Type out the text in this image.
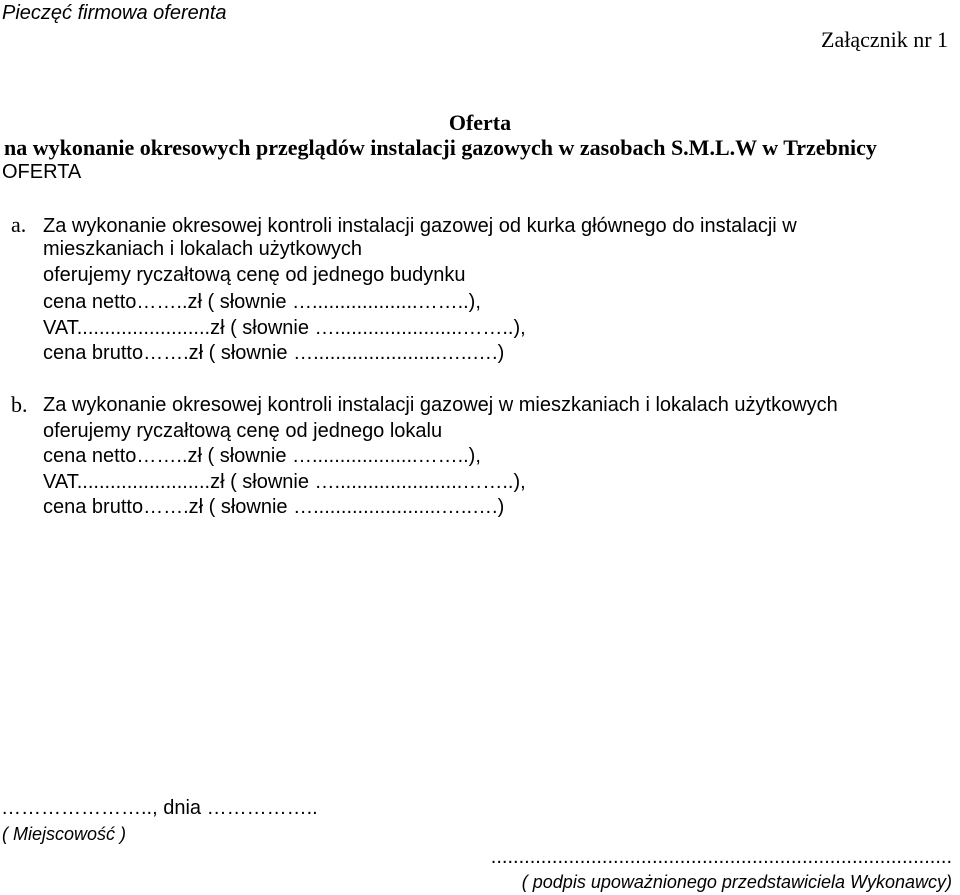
Pieczęć firmowa oferenta
Załącznik nr 1
Oferta
na wykonanie okresowych przeglądów instalacji gazowych w zasobach S.M.L.W w Trzebnicy
OFERTA
a. Za wykonanie okresowej kontroli instalacji gazowej od kurka głównego do instalacji w
mieszkaniach i lokalach użytkowych
oferujemy ryczałtową cenę od jednego budynku
cena netto……..zł ( słownie …...................……..),
VAT........................zł ( słownie ….......................……..),
cena brutto…….zł ( słownie ….......................…..….)
b. Za wykonanie okresowej kontroli instalacji gazowej w mieszkaniach i lokalach użytkowych
oferujemy ryczałtową cenę od jednego lokalu
cena netto……..zł ( słownie …...................……..),
VAT........................zł ( słownie ….......................……..),
cena brutto…….zł ( słownie ….......................…..….)
………………….., dnia ……………..
( Miejscowość )
...................................................................................
( podpis upoważnionego przedstawiciela Wykonawcy)
